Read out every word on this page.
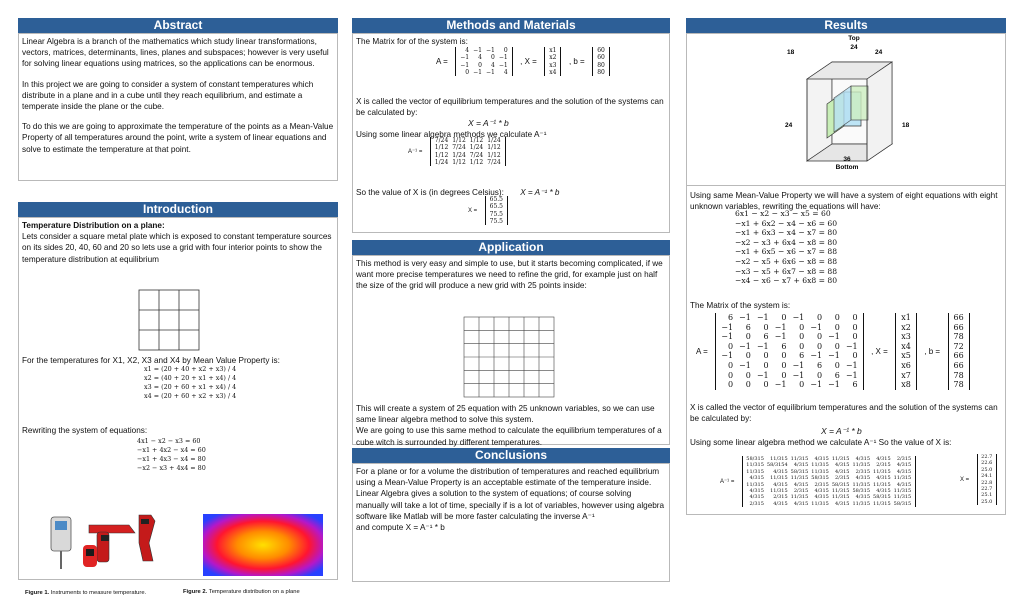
Abstract

Linear Algebra is a branch of the mathematics which study linear transformations, vectors, matrices, determinants, lines, planes and subspaces; however is very useful for solving linear equations using matrices, so the applications can be enormous.

In this project we are going to consider a system of constant temperatures which distribute in a plane and in a cube until they reach equilibrium, and estimate a temperate inside the plane or the cube.

To do this we are going to approximate the temperature of the points as a Mean-Value Property of all temperatures around the point, write a system of linear equations and solve to estimate the temperature at that point.

Introduction
Temperature Distribution on a plane:
Lets consider a square metal plate which is exposed to constant temperature sources on its sides 20, 40, 60 and 20 so lets use a grid with four interior points to show the temperature distribution at equilibrium
For the temperatures for X1, X2, X3 and X4 by Mean Value Property is:
x1 = (20 + 40 + x2 + x3) / 4
x2 = (40 + 20 + x1 + x4) / 4
x3 = (20 + 60 + x1 + x4) / 4
x4 = (20 + 60 + x2 + x3) / 4
Rewriting the system of equations:
4x1 − x2 − x3 = 60
−x1 + 4x2 − x4 = 60
−x1 + 4x3 − x4 = 80
−x2 − x3 + 4x4 = 80
Figure 1. Instruments to measure temperature.	Figure 2. Temperature distribution on a plane
Methods and Materials
The Matrix for of the system is:
A =
4	−1	−1	0
−1	4	0	−1
−1	0	4	−1
0	−1	−1	4
, X =
x1
x2
x3
x4
, b =
60
60
80
80
X is called the vector of equilibrium temperatures and the solution of the systems can be calculated by:
X = A⁻¹ * b
Using some linear algebra methods we calculate A⁻¹
A⁻¹ =
7/24	1/12	1/12	1/24
1/12	7/24	1/24	1/12
1/12	1/24	7/24	1/12
1/24	1/12	1/12	7/24
So the value of X is (in degrees Celsius): X = A⁻¹ * b
X =
65.5
65.5
75.5
75.5
Application
This method is very easy and simple to use, but it starts becoming complicated, if we want more precise temperatures we need to refine the grid, for example just on half the size of the grid will produce a new grid with 25 points inside:
This will create a system of 25 equation with 25 unknown variables, so we can use same linear algebra method to solve this system.
We are going to use this same method to calculate the equilibrium temperatures of a cube witch is surrounded by different temperatures.
Conclusions
For a plane or for a volume the distribution of temperatures and reached equilibrium using a Mean-Value Property is an acceptable estimate of the temperature inside.
Linear Algebra gives a solution to the system of equations; of course solving manually will take a lot of time, specially if is a lot of variables, however using algebra software like Matlab will be more faster calculating the inverse A⁻¹
and compute X = A⁻¹ * b
Results
Top
24
18	24
24	18
36
Bottom
Using same Mean-Value Property we will have a system of eight equations with eight unknown variables, rewriting the equations will have:
6x1 − x2 − x3 − x5 = 60
−x1 + 6x2 − x4 − x6 = 60
−x1 + 6x3 − x4 − x7 = 80
−x2 − x3 + 6x4 − x8 = 80
−x1 + 6x5 − x6 − x7 = 88
−x2 − x5 + 6x6 − x8 = 88
−x3 − x5 + 6x7 − x8 = 88
−x4 − x6 − x7 + 6x8 = 80
The Matrix of the system is:
A =
6	−1	−1	0	−1	0	0	0
−1	6	0	−1	0	−1	0	0
−1	0	6	−1	0	0	−1	0
0	−1	−1	6	0	0	0	−1
−1	0	0	0	6	−1	−1	0
0	−1	0	0	−1	6	0	−1
0	0	−1	0	−1	0	6	−1
0	0	0	−1	0	−1	−1	6
, X =
x1
x2
x3
x4
x5
x6
x7
x8
, b =
66
66
78
72
66
66
78
78
X is called the vector of equilibrium temperatures and the solution of the systems can be calculated by:
X = A⁻¹ * b
Using some linear algebra method we calculate A⁻¹ So the value of X is:
A⁻¹ =
58/315	11/315	11/315	4/315	11/315	4/315	4/315	2/315
11/315	58/3154	4/315	11/315	4/315	11/315	2/315	4/315
11/315	4/315	58/315	11/315	4/315	2/315	11/315	4/315
4/315	11/315	11/315	58/315	2/315	4/315	4/315	11/315
11/315	4/315	4/315	2/315	58/315	11/315	11/315	4/315
4/315	11/315	2/315	4/315	11/315	58/315	4/315	11/315
4/315	2/315	11/315	4/315	11/315	4/315	58/315	11/315
2/315	4/315	4/315	11/315	4/315	11/315	11/315	58/315
X =
22.7
22.6
25.0
24.1
22.8
22.7
25.1
25.0
